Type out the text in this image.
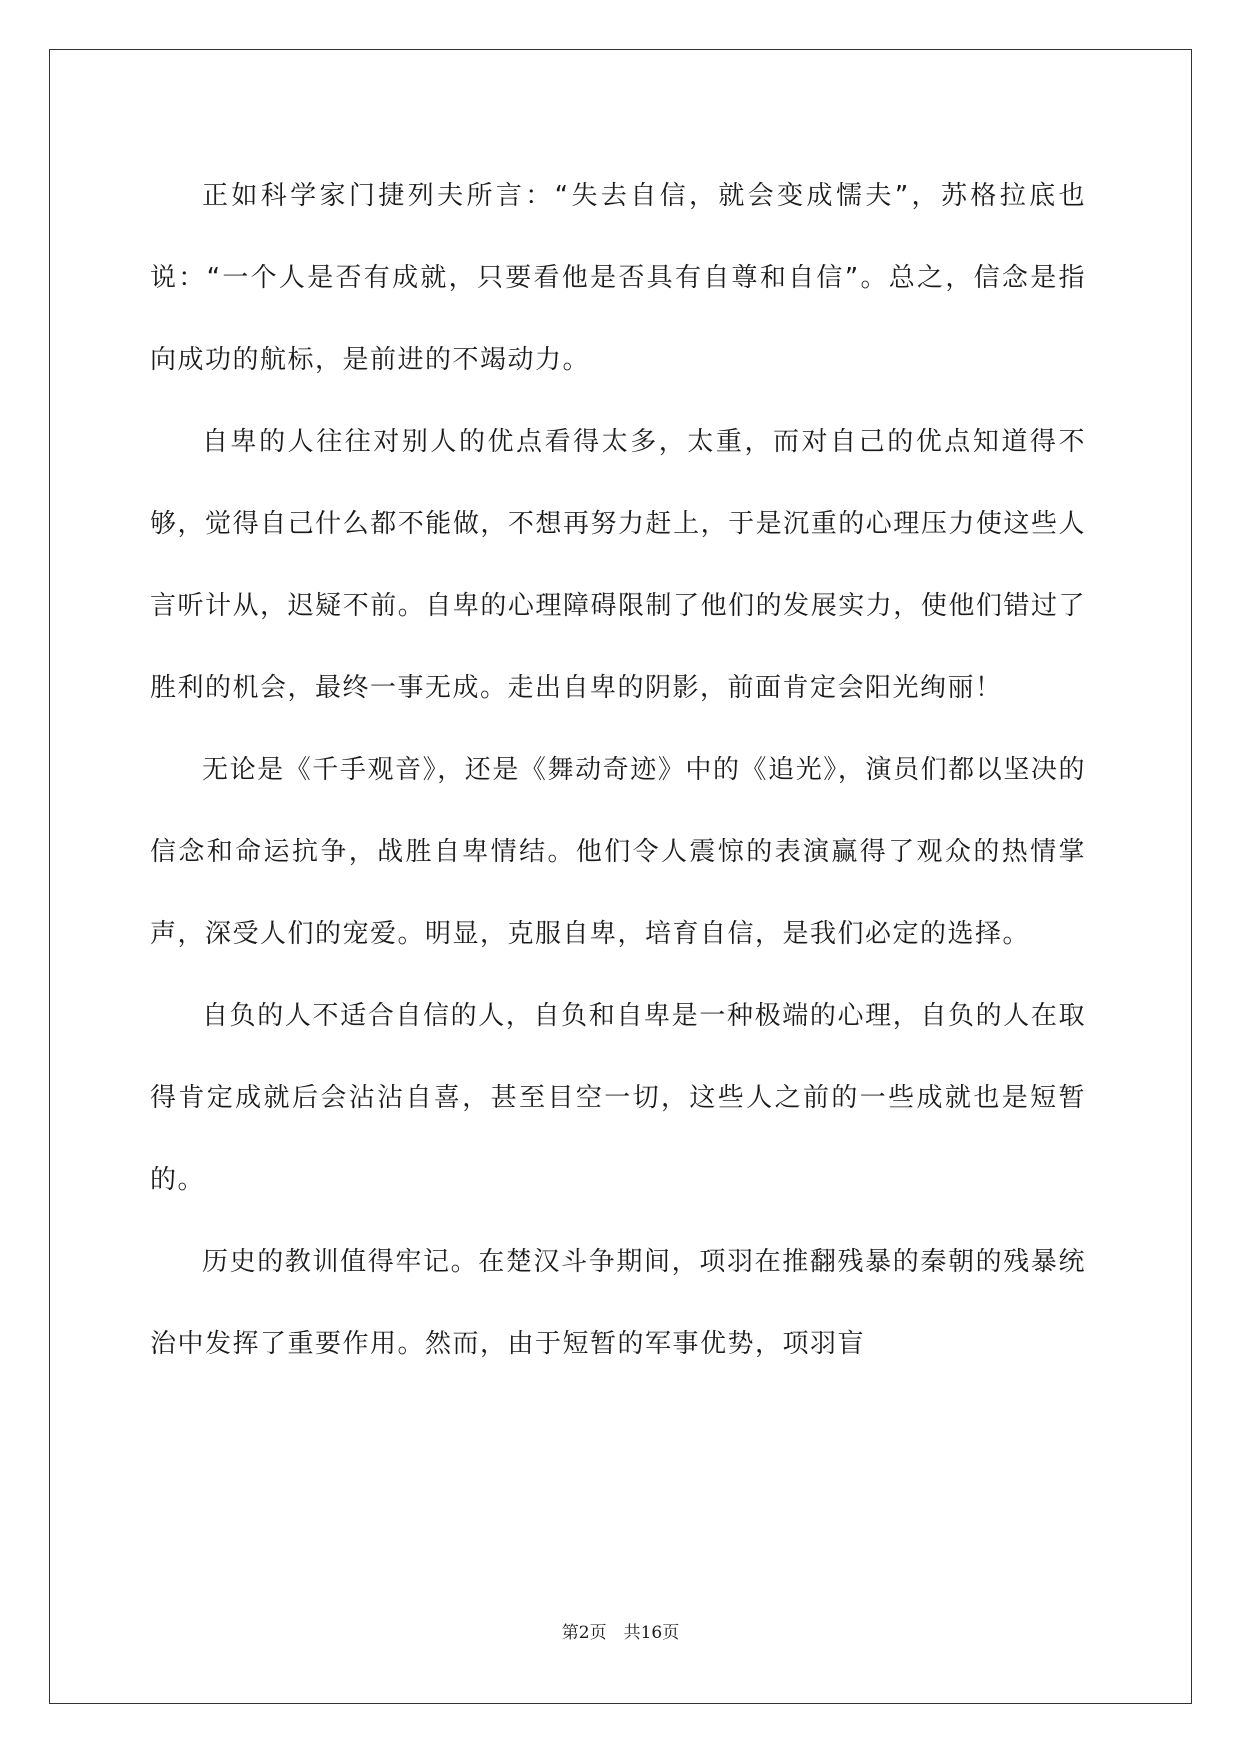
正如科学家门捷列夫所言：“失去自信，就会变成懦夫”，苏格拉底也说：“一个人是否有成就，只要看他是否具有自尊和自信”。总之，信念是指向成功的航标，是前进的不竭动力。

自卑的人往往对别人的优点看得太多，太重，而对自己的优点知道得不够，觉得自己什么都不能做，不想再努力赶上，于是沉重的心理压力使这些人言听计从，迟疑不前。自卑的心理障碍限制了他们的发展实力，使他们错过了胜利的机会，最终一事无成。走出自卑的阴影，前面肯定会阳光绚丽！

无论是《千手观音》，还是《舞动奇迹》中的《追光》，演员们都以坚决的信念和命运抗争，战胜自卑情结。他们令人震惊的表演赢得了观众的热情掌声，深受人们的宠爱。明显，克服自卑，培育自信，是我们必定的选择。

自负的人不适合自信的人，自负和自卑是一种极端的心理，自负的人在取得肯定成就后会沾沾自喜，甚至目空一切，这些人之前的一些成就也是短暂的。

历史的教训值得牢记。在楚汉斗争期间，项羽在推翻残暴的秦朝的残暴统治中发挥了重要作用。然而，由于短暂的军事优势，项羽盲

第2页　共16页
